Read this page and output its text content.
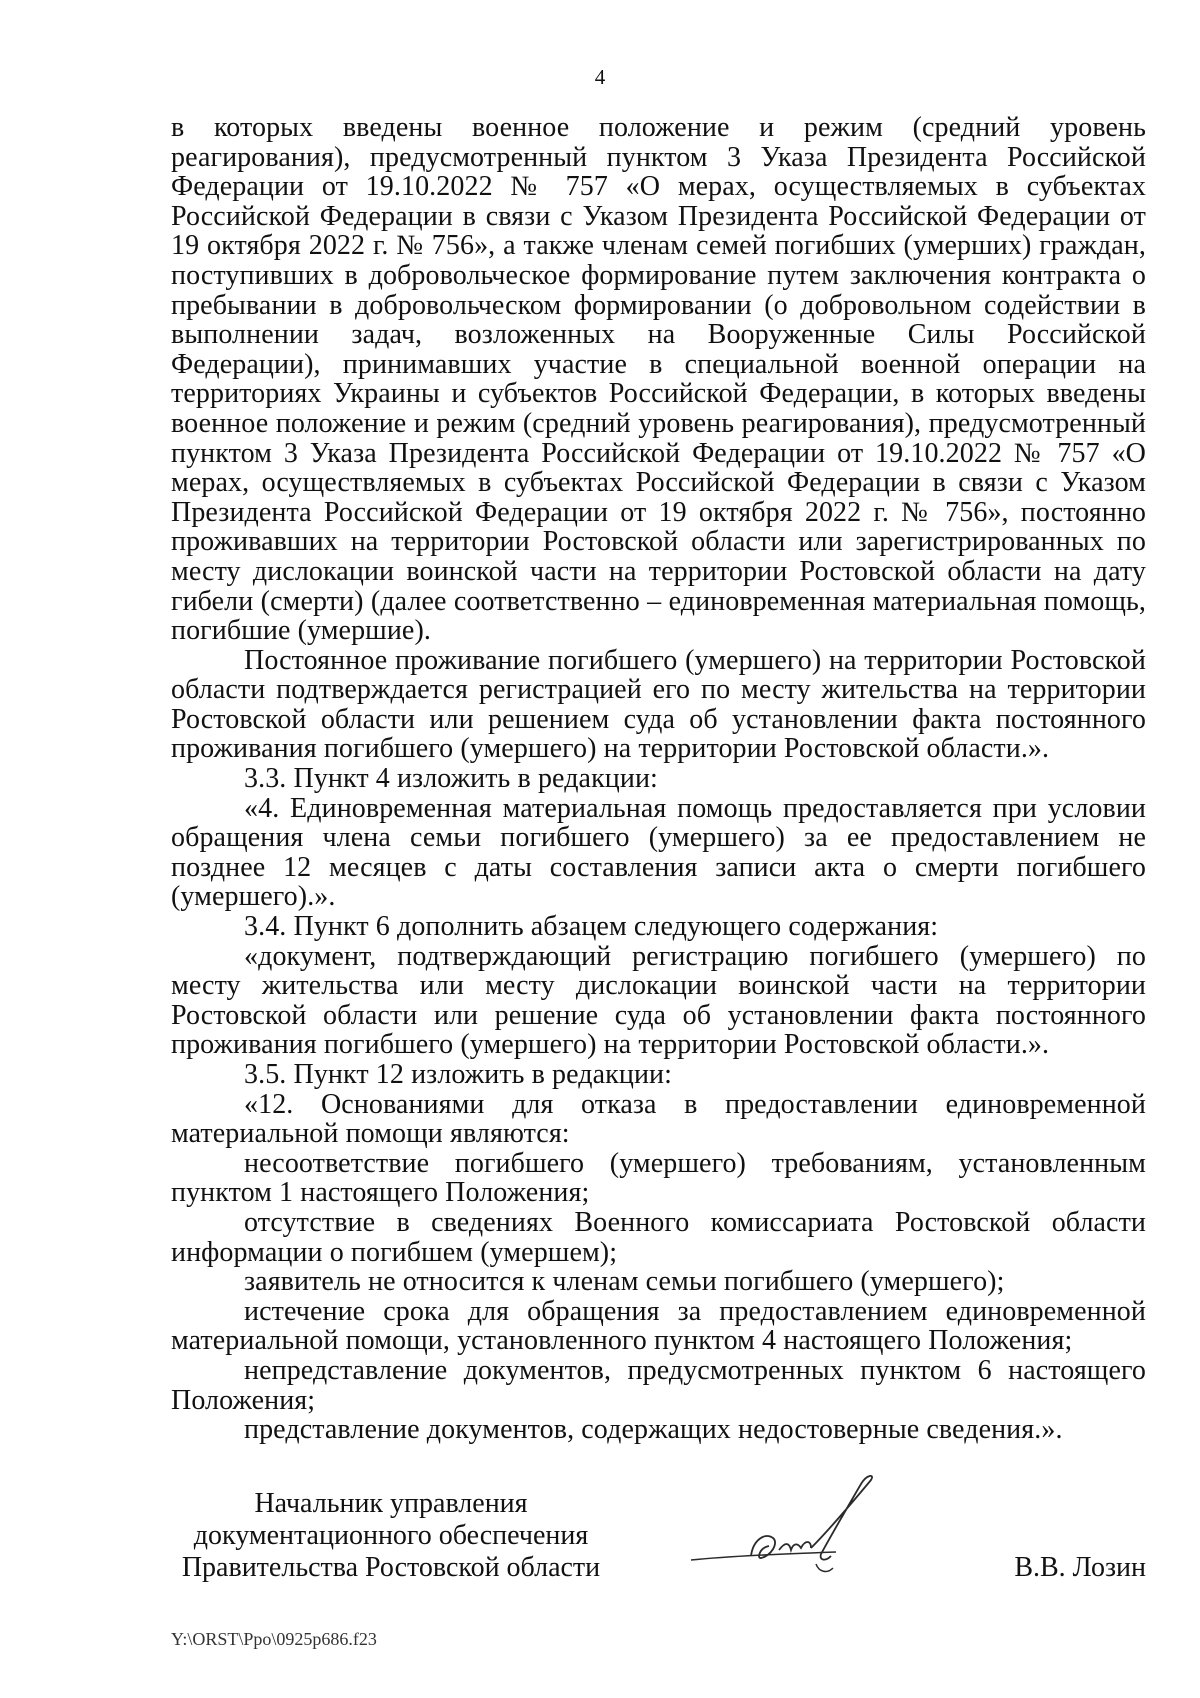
4

в которых введены военное положение и режим (средний уровень реагирования), предусмотренный пунктом 3 Указа Президента Российской Федерации от 19.10.2022 № 757 «О мерах, осуществляемых в субъектах Российской Федерации в связи с Указом Президента Российской Федерации от 19 октября 2022 г. № 756», а также членам семей погибших (умерших) граждан, поступивших в добровольческое формирование путем заключения контракта о пребывании в добровольческом формировании (о добровольном содействии в выполнении задач, возложенных на Вооруженные Силы Российской Федерации), принимавших участие в специальной военной операции на территориях Украины и субъектов Российской Федерации, в которых введены военное положение и режим (средний уровень реагирования), предусмотренный пунктом 3 Указа Президента Российской Федерации от 19.10.2022 № 757 «О мерах, осуществляемых в субъектах Российской Федерации в связи с Указом Президента Российской Федерации от 19 октября 2022 г. № 756», постоянно проживавших на территории Ростовской области или зарегистрированных по месту дислокации воинской части на территории Ростовской области на дату гибели (смерти) (далее соответственно – единовременная материальная помощь, погибшие (умершие).

Постоянное проживание погибшего (умершего) на территории Ростовской области подтверждается регистрацией его по месту жительства на территории Ростовской области или решением суда об установлении факта постоянного проживания погибшего (умершего) на территории Ростовской области.».

3.3. Пункт 4 изложить в редакции:

«4. Единовременная материальная помощь предоставляется при условии обращения члена семьи погибшего (умершего) за ее предоставлением не позднее 12 месяцев с даты составления записи акта о смерти погибшего (умершего).».

3.4. Пункт 6 дополнить абзацем следующего содержания:

«документ, подтверждающий регистрацию погибшего (умершего) по месту жительства или месту дислокации воинской части на территории Ростовской области или решение суда об установлении факта постоянного проживания погибшего (умершего) на территории Ростовской области.».

3.5. Пункт 12 изложить в редакции:

«12. Основаниями для отказа в предоставлении единовременной материальной помощи являются:

несоответствие погибшего (умершего) требованиям, установленным пунктом 1 настоящего Положения;

отсутствие в сведениях Военного комиссариата Ростовской области информации о погибшем (умершем);

заявитель не относится к членам семьи погибшего (умершего);

истечение срока для обращения за предоставлением единовременной материальной помощи, установленного пунктом 4 настоящего Положения;

непредставление документов, предусмотренных пунктом 6 настоящего Положения;

представление документов, содержащих недостоверные сведения.».

Начальник управления
документационного обеспечения
Правительства Ростовской области	В.В. Лозин
Y:\ORST\Ppo\0925p686.f23
